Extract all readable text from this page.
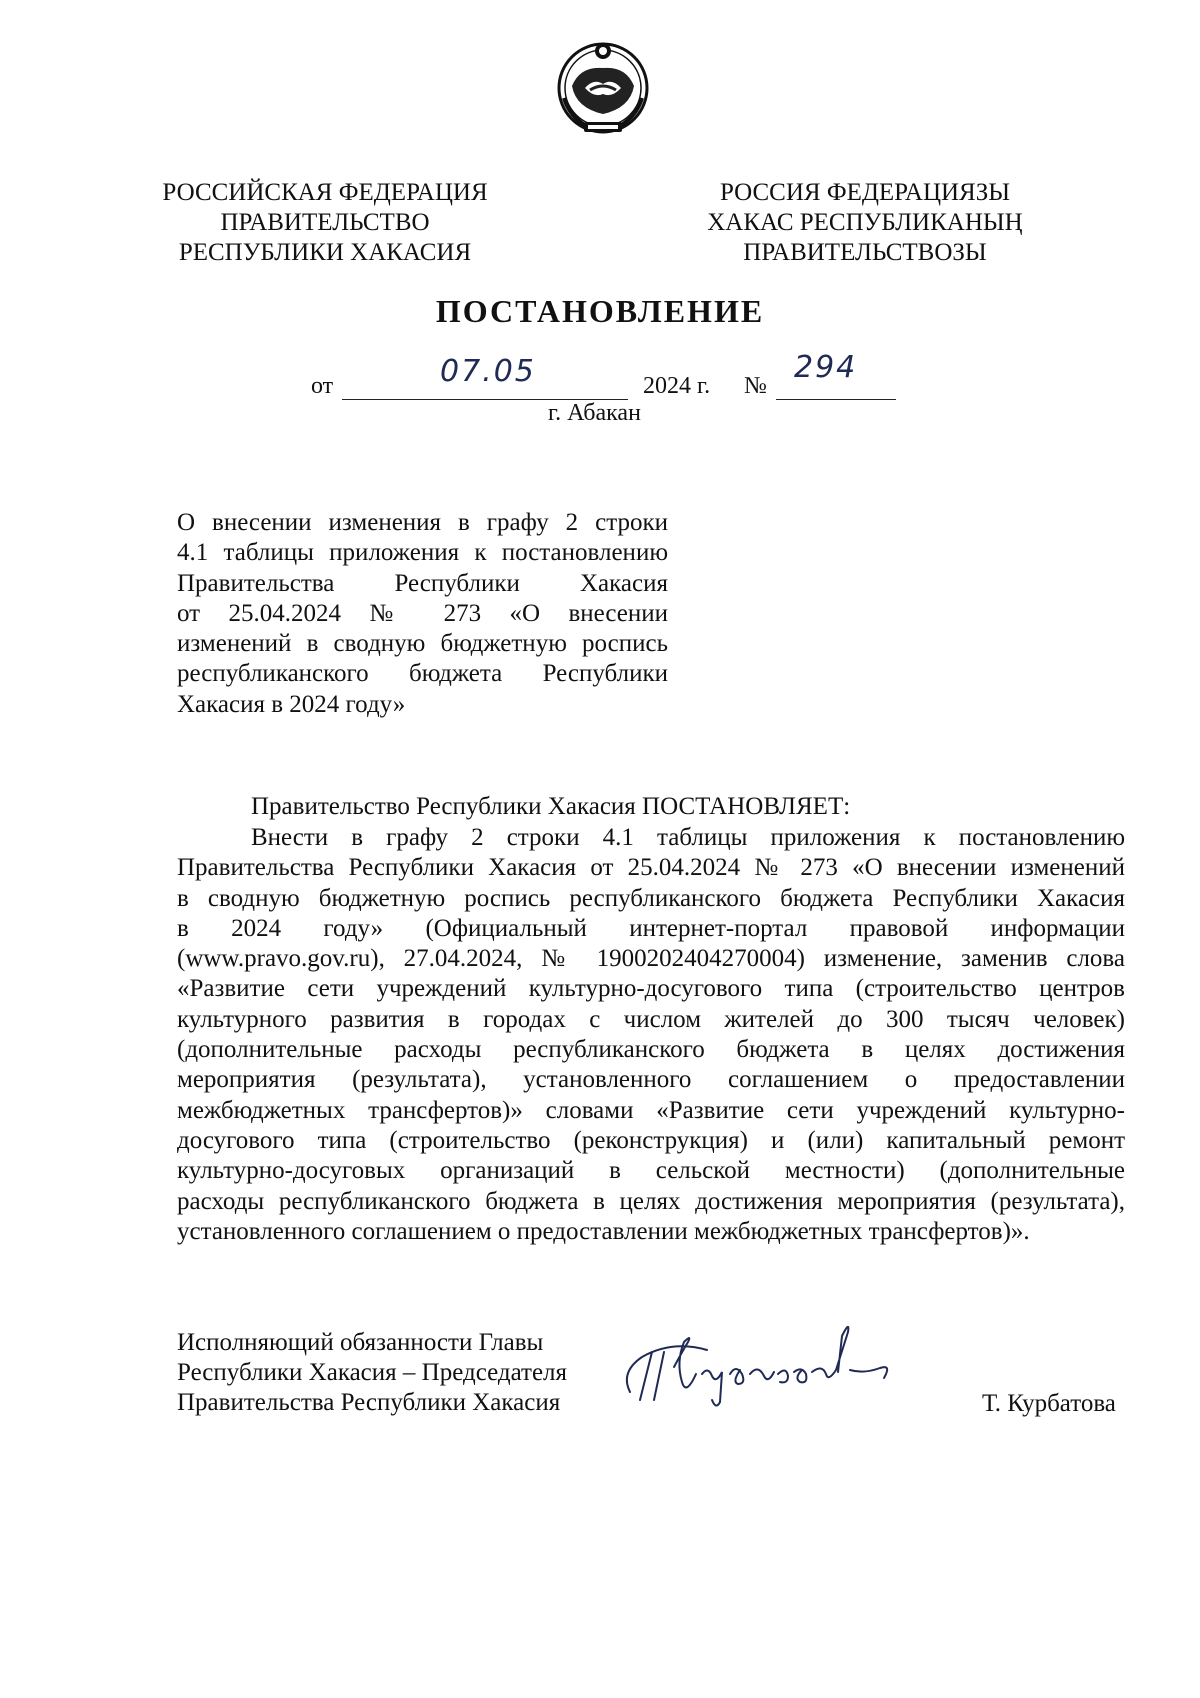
РОССИЙСКАЯ ФЕДЕРАЦИЯ
ПРАВИТЕЛЬСТВО
РЕСПУБЛИКИ ХАКАСИЯ
РОССИЯ ФЕДЕРАЦИЯЗЫ
ХАКАС РЕСПУБЛИКАНЫҢ
ПРАВИТЕЛЬСТВОЗЫ
ПОСТАНОВЛЕНИЕ
от	07.05	2024 г. №
294
г. Абакан
О внесении изменения в графу 2 строки
4.1 таблицы приложения к постановлению
Правительства Республики Хакасия
от 25.04.2024 № 273 «О внесении
изменений в сводную бюджетную роспись
республиканского бюджета Республики
Хакасия в 2024 году»
Правительство Республики Хакасия ПОСТАНОВЛЯЕТ:
Внести в графу 2 строки 4.1 таблицы приложения к постановлению
Правительства Республики Хакасия от 25.04.2024 № 273 «О внесении изменений
в сводную бюджетную роспись республиканского бюджета Республики Хакасия
в 2024 году» (Официальный интернет-портал правовой информации
(www.pravo.gov.ru), 27.04.2024, № 1900202404270004) изменение, заменив слова
«Развитие сети учреждений культурно-досугового типа (строительство центров
культурного развития в городах с числом жителей до 300 тысяч человек)
(дополнительные расходы республиканского бюджета в целях достижения
мероприятия (результата), установленного соглашением о предоставлении
межбюджетных трансфертов)» словами «Развитие сети учреждений культурно-
досугового типа (строительство (реконструкция) и (или) капитальный ремонт
культурно-досуговых организаций в сельской местности) (дополнительные
расходы республиканского бюджета в целях достижения мероприятия (результата),
установленного соглашением о предоставлении межбюджетных трансфертов)».
Исполняющий обязанности Главы
Республики Хакасия – Председателя
Правительства Республики Хакасия	Т. Курбатова
